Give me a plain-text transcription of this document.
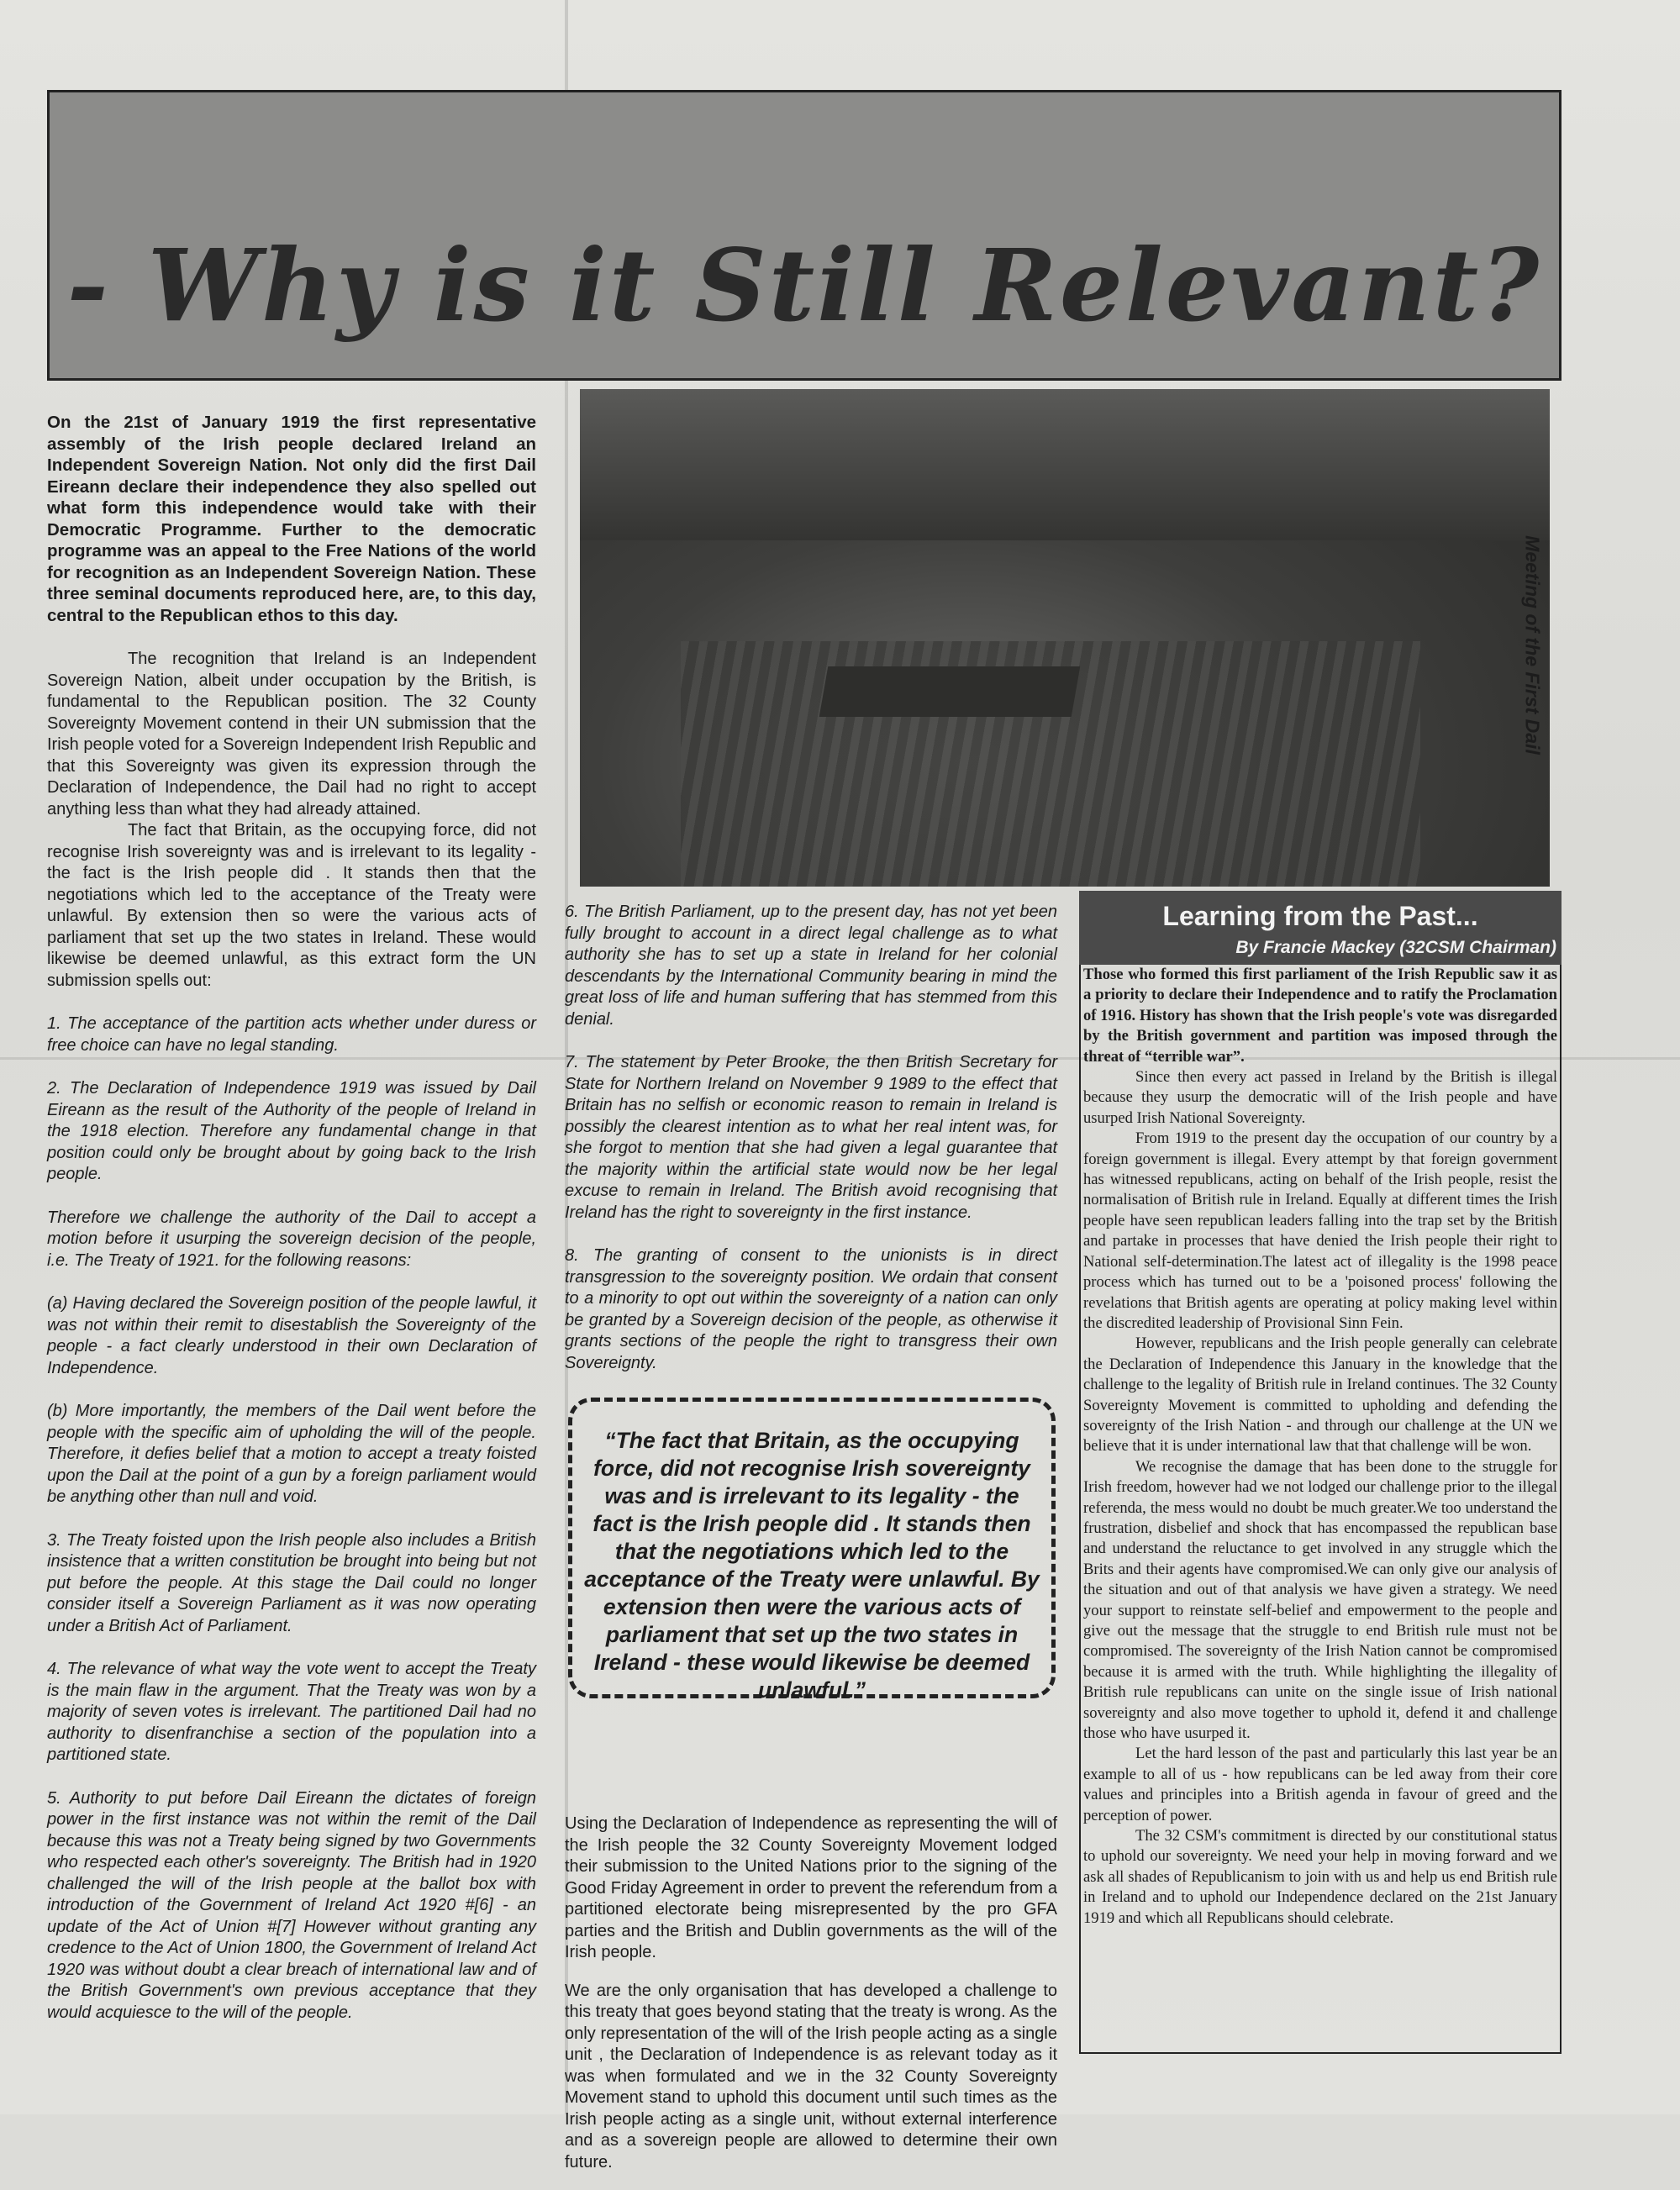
- Why is it Still Relevant?
On the 21st of January 1919 the first representative assembly of the Irish people declared Ireland an Independent Sovereign Nation. Not only did the first Dail Eireann declare their independence they also spelled out what form this independence would take with their Democratic Programme. Further to the democratic programme was an appeal to the Free Nations of the world for recognition as an Independent Sovereign Nation. These three seminal documents reproduced here, are, to this day, central to the Republican ethos to this day.

The recognition that Ireland is an Independent Sovereign Nation, albeit under occupation by the British, is fundamental to the Republican position. The 32 County Sovereignty Movement contend in their UN submission that the Irish people voted for a Sovereign Independent Irish Republic and that this Sovereignty was given its expression through the Declaration of Independence, the Dail had no right to accept anything less than what they had already attained.

The fact that Britain, as the occupying force, did not recognise Irish sovereignty was and is irrelevant to its legality - the fact is the Irish people did . It stands then that the negotiations which led to the acceptance of the Treaty were unlawful. By extension then so were the various acts of parliament that set up the two states in Ireland. These would likewise be deemed unlawful, as this extract form the UN submission spells out:

1. The acceptance of the partition acts whether under duress or free choice can have no legal standing.

2. The Declaration of Independence 1919 was issued by Dail Eireann as the result of the Authority of the people of Ireland in the 1918 election. Therefore any fundamental change in that position could only be brought about by going back to the Irish people.

Therefore we challenge the authority of the Dail to accept a motion before it usurping the sovereign decision of the people, i.e. The Treaty of 1921. for the following reasons:

(a) Having declared the Sovereign position of the people lawful, it was not within their remit to disestablish the Sovereignty of the people - a fact clearly understood in their own Declaration of Independence.

(b) More importantly, the members of the Dail went before the people with the specific aim of upholding the will of the people. Therefore, it defies belief that a motion to accept a treaty foisted upon the Dail at the point of a gun by a foreign parliament would be anything other than null and void.

3. The Treaty foisted upon the Irish people also includes a British insistence that a written constitution be brought into being but not put before the people. At this stage the Dail could no longer consider itself a Sovereign Parliament as it was now operating under a British Act of Parliament.

4. The relevance of what way the vote went to accept the Treaty is the main flaw in the argument. That the Treaty was won by a majority of seven votes is irrelevant. The partitioned Dail had no authority to disenfranchise a section of the population into a partitioned state.

5. Authority to put before Dail Eireann the dictates of foreign power in the first instance was not within the remit of the Dail because this was not a Treaty being signed by two Governments who respected each other's sovereignty. The British had in 1920 challenged the will of the Irish people at the ballot box with introduction of the Government of Ireland Act 1920 #[6] - an update of the Act of Union #[7] However without granting any credence to the Act of Union 1800, the Government of Ireland Act 1920 was without doubt a clear breach of international law and of the British Government's own previous acceptance that they would acquiesce to the will of the people.

Meeting of the First Dail

6. The British Parliament, up to the present day, has not yet been fully brought to account in a direct legal challenge as to what authority she has to set up a state in Ireland for her colonial descendants by the International Community bearing in mind the great loss of life and human suffering that has stemmed from this denial.

7. The statement by Peter Brooke, the then British Secretary for State for Northern Ireland on November 9 1989 to the effect that Britain has no selfish or economic reason to remain in Ireland is possibly the clearest intention as to what her real intent was, for she forgot to mention that she had given a legal guarantee that the majority within the artificial state would now be her legal excuse to remain in Ireland. The British avoid recognising that Ireland has the right to sovereignty in the first instance.

8. The granting of consent to the unionists is in direct transgression to the sovereignty position. We ordain that consent to a minority to opt out within the sovereignty of a nation can only be granted by a Sovereign decision of the people, as otherwise it grants sections of the people the right to transgress their own Sovereignty.

“The fact that Britain, as the occupying force, did not recognise Irish sovereignty was and is irrelevant to its legality - the fact is the Irish people did . It stands then that the negotiations which led to the acceptance of the Treaty were unlawful. By extension then were the various acts of parliament that set up the two states in Ireland - these would likewise be deemed unlawful.”

Using the Declaration of Independence as representing the will of the Irish people the 32 County Sovereignty Movement lodged their submission to the United Nations prior to the signing of the Good Friday Agreement in order to prevent the referendum from a partitioned electorate being misrepresented by the pro GFA parties and the British and Dublin governments as the will of the Irish people.

We are the only organisation that has developed a challenge to this treaty that goes beyond stating that the treaty is wrong. As the only representation of the will of the Irish people acting as a single unit , the Declaration of Independence is as relevant today as it was when formulated and we in the 32 County Sovereignty Movement stand to uphold this document until such times as the Irish people acting as a single unit, without external interference and as a sovereign people are allowed to determine their own future.

Learning from the Past...
By Francie Mackey (32CSM Chairman)

Those who formed this first parliament of the Irish Republic saw it as a priority to declare their Independence and to ratify the Proclamation of 1916. History has shown that the Irish people's vote was disregarded by the British government and partition was imposed through the threat of “terrible war”.

Since then every act passed in Ireland by the British is illegal because they usurp the democratic will of the Irish people and have usurped Irish National Sovereignty.

From 1919 to the present day the occupation of our country by a foreign government is illegal. Every attempt by that foreign government has witnessed republicans, acting on behalf of the Irish people, resist the normalisation of British rule in Ireland. Equally at different times the Irish people have seen republican leaders falling into the trap set by the British and partake in processes that have denied the Irish people their right to National self-determination.The latest act of illegality is the 1998 peace process which has turned out to be a 'poisoned process' following the revelations that British agents are operating at policy making level within the discredited leadership of Provisional Sinn Fein.

However, republicans and the Irish people generally can celebrate the Declaration of Independence this January in the knowledge that the challenge to the legality of British rule in Ireland continues. The 32 County Sovereignty Movement is committed to upholding and defending the sovereignty of the Irish Nation - and through our challenge at the UN we believe that it is under international law that that challenge will be won.

We recognise the damage that has been done to the struggle for Irish freedom, however had we not lodged our challenge prior to the illegal referenda, the mess would no doubt be much greater.We too understand the frustration, disbelief and shock that has encompassed the republican base and understand the reluctance to get involved in any struggle which the Brits and their agents have compromised.We can only give our analysis of the situation and out of that analysis we have given a strategy. We need your support to reinstate self-belief and empowerment to the people and give out the message that the struggle to end British rule must not be compromised. The sovereignty of the Irish Nation cannot be compromised because it is armed with the truth. While highlighting the illegality of British rule republicans can unite on the single issue of Irish national sovereignty and also move together to uphold it, defend it and challenge those who have usurped it.

Let the hard lesson of the past and particularly this last year be an example to all of us - how republicans can be led away from their core values and principles into a British agenda in favour of greed and the perception of power.

The 32 CSM's commitment is directed by our constitutional status to uphold our sovereignty. We need your help in moving forward and we ask all shades of Republicanism to join with us and help us end British rule in Ireland and to uphold our Independence declared on the 21st January 1919 and which all Republicans should celebrate.
